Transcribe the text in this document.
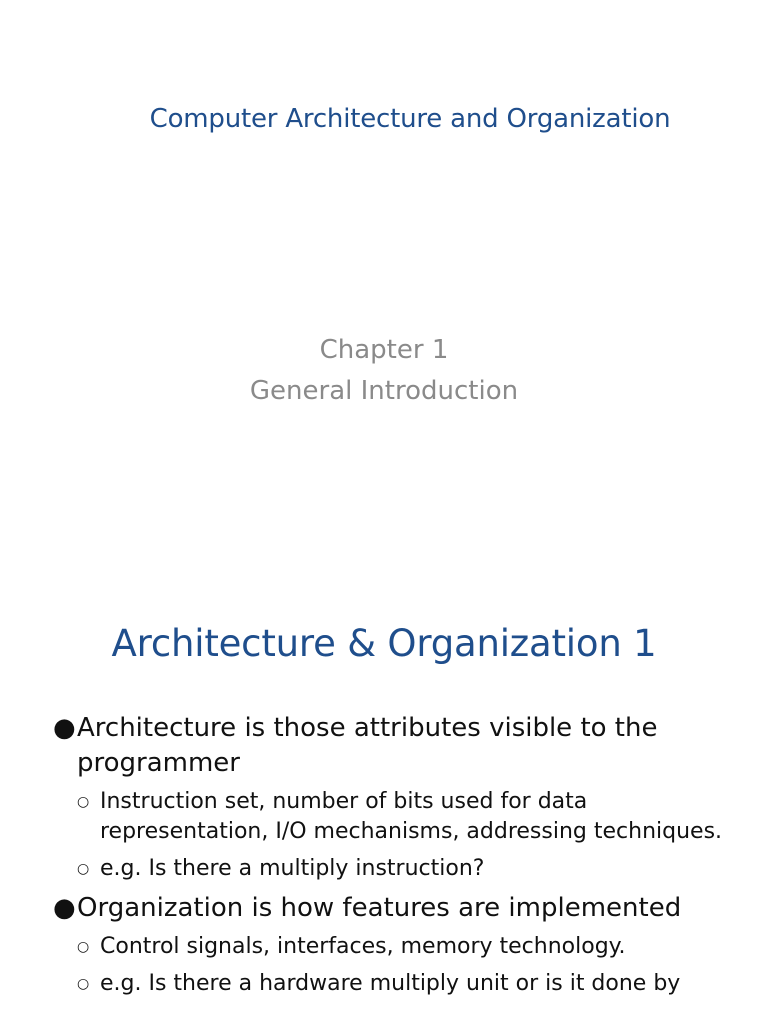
Computer Architecture and Organization
Chapter 1
General Introduction
Architecture & Organization 1
● Architecture is those attributes visible to the programmer
○ Instruction set, number of bits used for data representation, I/O mechanisms, addressing techniques.
○ e.g. Is there a multiply instruction?
● Organization is how features are implemented
○ Control signals, interfaces, memory technology.
○ e.g. Is there a hardware multiply unit or is it done by
